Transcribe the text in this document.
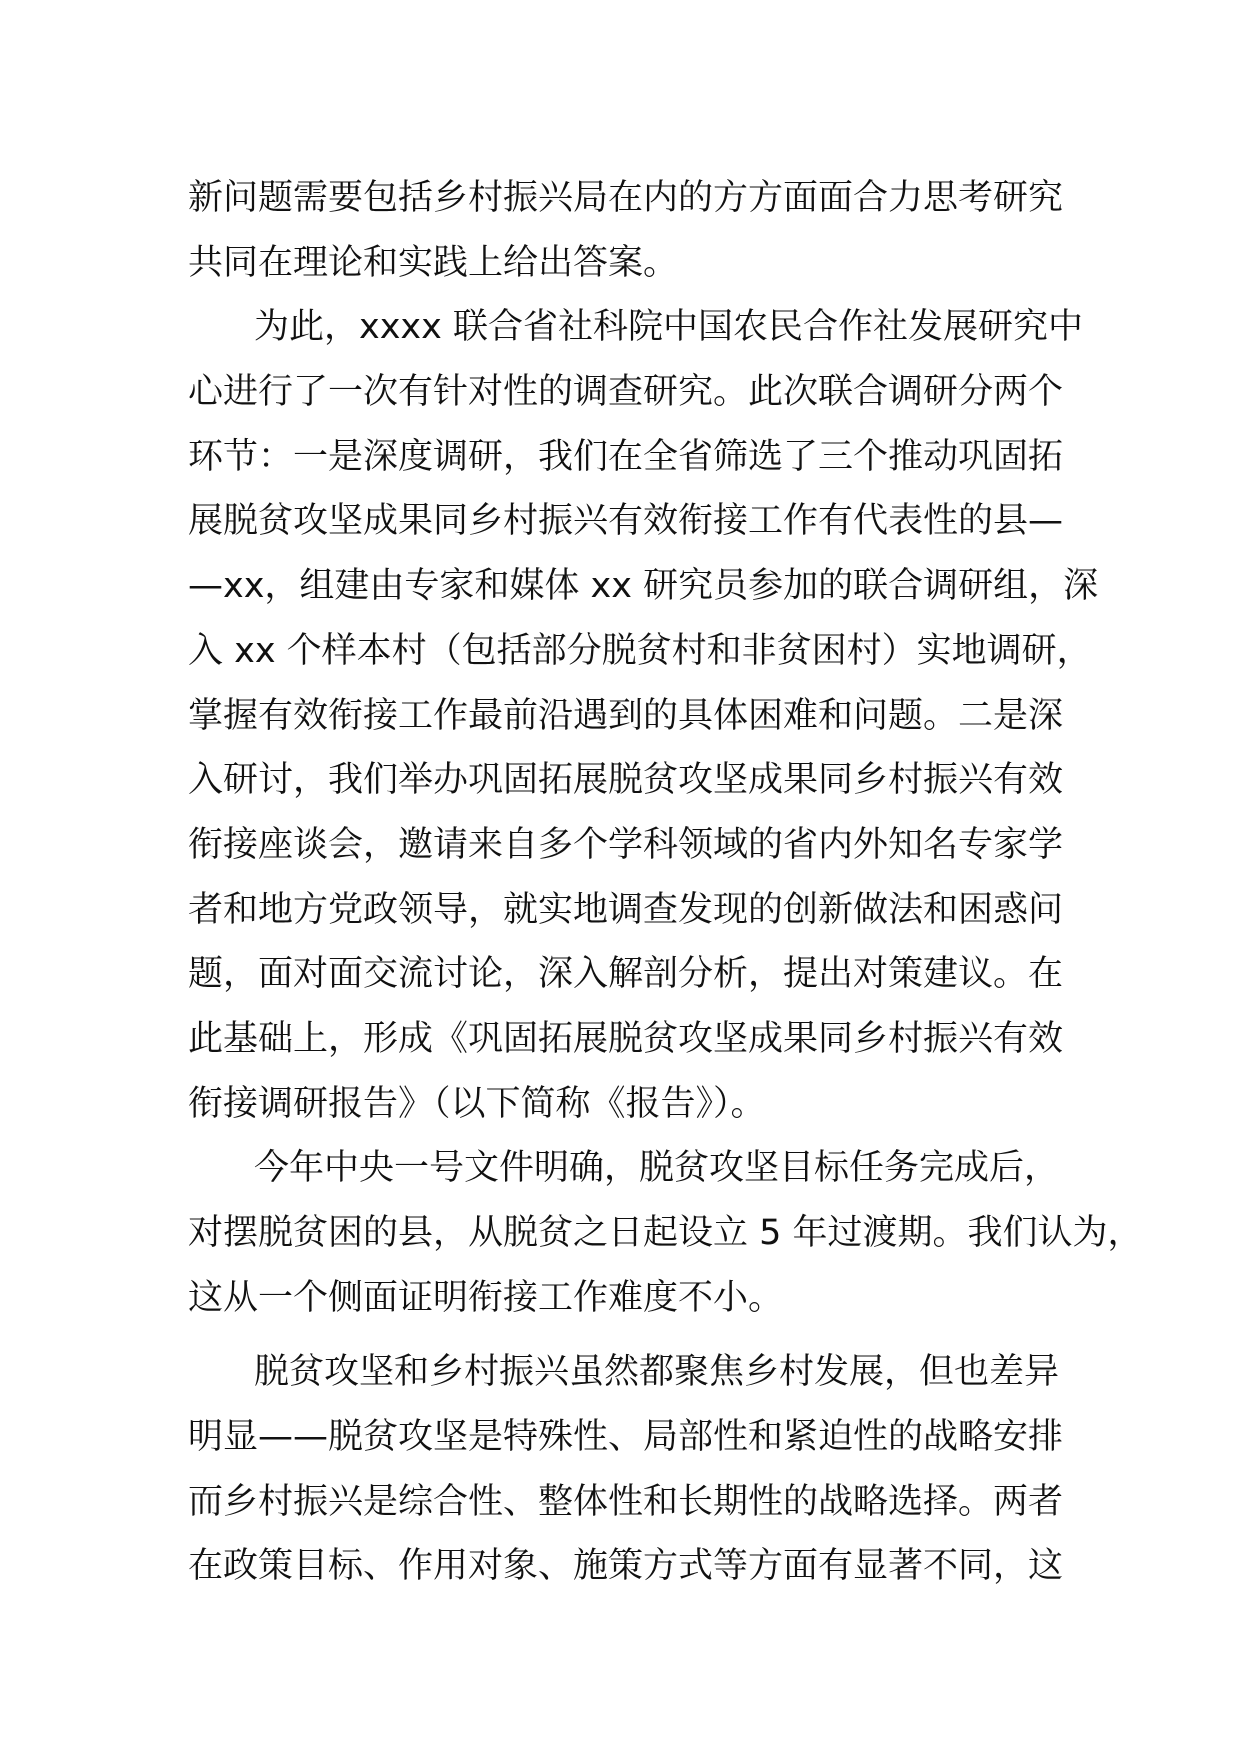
新问题需要包括乡村振兴局在内的方方面面合力思考研究
共同在理论和实践上给出答案。
为此，xxxx 联合省社科院中国农民合作社发展研究中
心进行了一次有针对性的调查研究。此次联合调研分两个
环节：一是深度调研，我们在全省筛选了三个推动巩固拓
展脱贫攻坚成果同乡村振兴有效衔接工作有代表性的县—
—xx，组建由专家和媒体 xx 研究员参加的联合调研组，深
入 xx 个样本村（包括部分脱贫村和非贫困村）实地调研，
掌握有效衔接工作最前沿遇到的具体困难和问题。二是深
入研讨，我们举办巩固拓展脱贫攻坚成果同乡村振兴有效
衔接座谈会，邀请来自多个学科领域的省内外知名专家学
者和地方党政领导，就实地调查发现的创新做法和困惑问
题，面对面交流讨论，深入解剖分析，提出对策建议。在
此基础上，形成《巩固拓展脱贫攻坚成果同乡村振兴有效
衔接调研报告》（以下简称《报告》）。
今年中央一号文件明确，脱贫攻坚目标任务完成后，
对摆脱贫困的县，从脱贫之日起设立 5 年过渡期。我们认为，
这从一个侧面证明衔接工作难度不小。
脱贫攻坚和乡村振兴虽然都聚焦乡村发展，但也差异
明显——脱贫攻坚是特殊性、局部性和紧迫性的战略安排
而乡村振兴是综合性、整体性和长期性的战略选择。两者
在政策目标、作用对象、施策方式等方面有显著不同，这
